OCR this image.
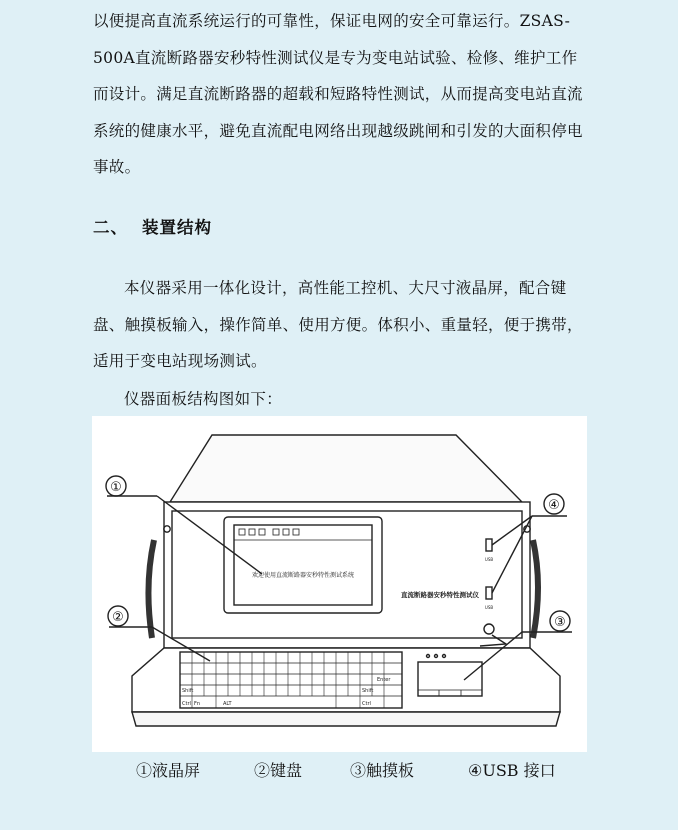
以便提高直流系统运行的可靠性，保证电网的安全可靠运行。ZSAS-500A直流断路器安秒特性测试仪是专为变电站试验、检修、维护工作而设计。满足直流断路器的超载和短路特性测试，从而提高变电站直流系统的健康水平，避免直流配电网络出现越级跳闸和引发的大面积停电事故。

二、 装置结构

本仪器采用一体化设计，高性能工控机、大尺寸液晶屏，配合键盘、触摸板输入，操作简单、使用方便。体积小、重量轻，便于携带，适用于变电站现场测试。

仪器面板结构图如下：

①
②	③
④
欢迎使用直流断路器安秒特性测试系统
直流断路器安秒特性测试仪
USB
USB
Shift	Shift
Ctrl	ALT	Ctrl
Enter
Fn
①液晶屏	②键盘	③触摸板	④USB 接口
